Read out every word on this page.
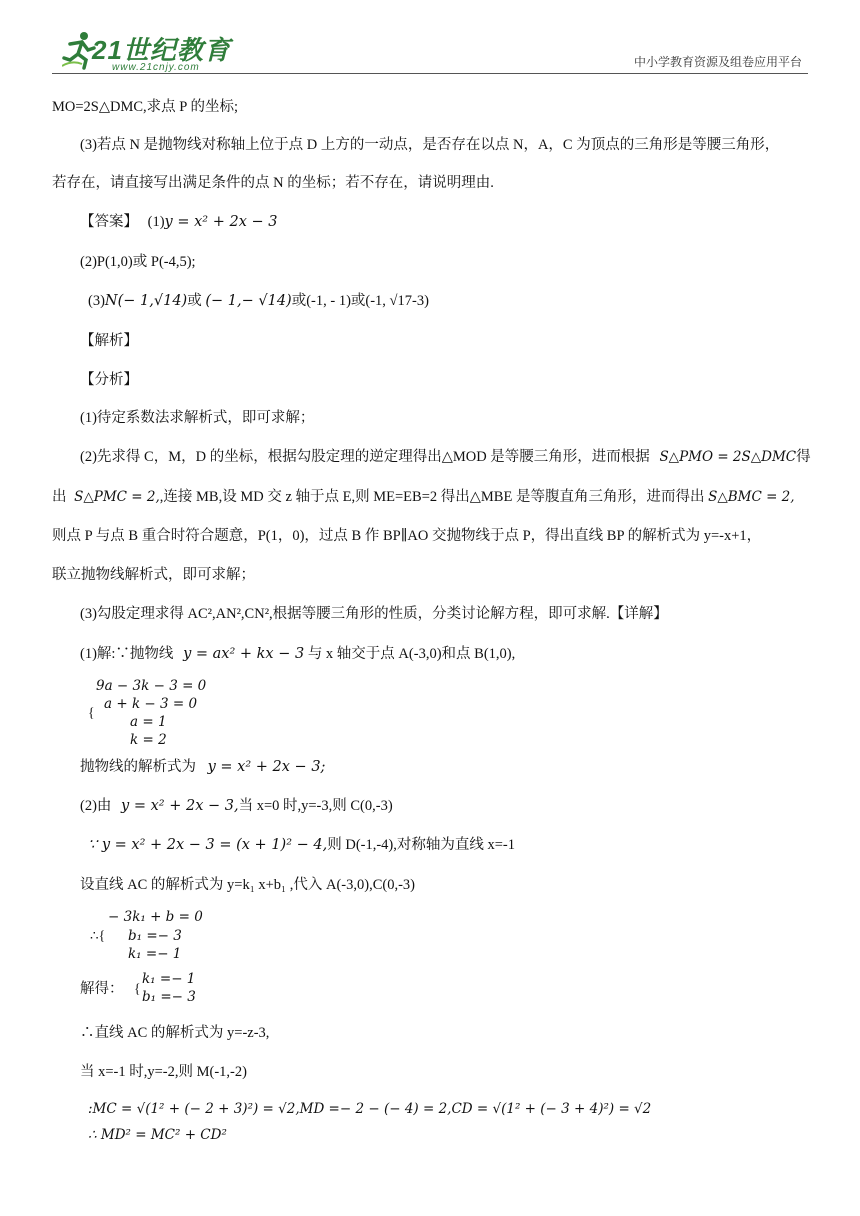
21世纪教育
www.21cnjy.com	中小学教育资源及组卷应用平台
MO=2S△DMC,求点 P 的坐标;
(3)若点 N 是抛物线对称轴上位于点 D 上方的一动点，是否存在以点 N，A，C 为顶点的三角形是等腰三角形，
若存在，请直接写出满足条件的点 N 的坐标；若不存在，请说明理由.
【答案】 (1)y = x² + 2x − 3
(2)P(1,0)或 P(-4,5);
(3)N(− 1,√14)或 (− 1,− √14)或(-1, - 1)或(-1, √17-3)
【解析】
【分析】
(1)待定系数法求解析式，即可求解；
(2)先求得 C，M，D 的坐标，根据勾股定理的逆定理得出△MOD 是等腰三角形，进而根据 S△PMO = 2S△DMC得
出 S△PMC = 2,,连接 MB,设 MD 交 z 轴于点 E,则 ME=EB=2 得出△MBE 是等腹直角三角形，进而得出 S△BMC = 2,
则点 P 与点 B 重合时符合题意，P(1，0)，过点 B 作 BP∥AO 交抛物线于点 P，得出直线 BP 的解析式为 y=-x+1，
联立抛物线解析式，即可求解；
(3)勾股定理求得 AC²,AN²,CN²,根据等腰三角形的性质，分类讨论解方程，即可求解.【详解】
(1)解:∵抛物线 y = ax² + kx − 3 与 x 轴交于点 A(-3,0)和点 B(1,0),
9a − 3k − 3 = 0
a + k − 3 = 0
{
a = 1
k = 2
抛物线的解析式为 y = x² + 2x − 3;
(2)由 y = x² + 2x − 3,当 x=0 时,y=-3,则 C(0,-3)
∵ y = x² + 2x − 3 = (x + 1)² − 4,则 D(-1,-4),对称轴为直线 x=-1
设直线 AC 的解析式为 y=k₁ x+b₁ ,代入 A(-3,0),C(0,-3)
− 3k₁ + b = 0
∴{ b₁ =− 3
k₁ =− 1
解得： {
k₁ =− 1
b₁ =− 3
∴直线 AC 的解析式为 y=-z-3,
当 x=-1 时,y=-2,则 M(-1,-2)
:MC = √(1² + (− 2 + 3)²) = √2,MD =− 2 − (− 4) = 2,CD = √(1² + (− 3 + 4)²) = √2
∴ MD² = MC² + CD²
